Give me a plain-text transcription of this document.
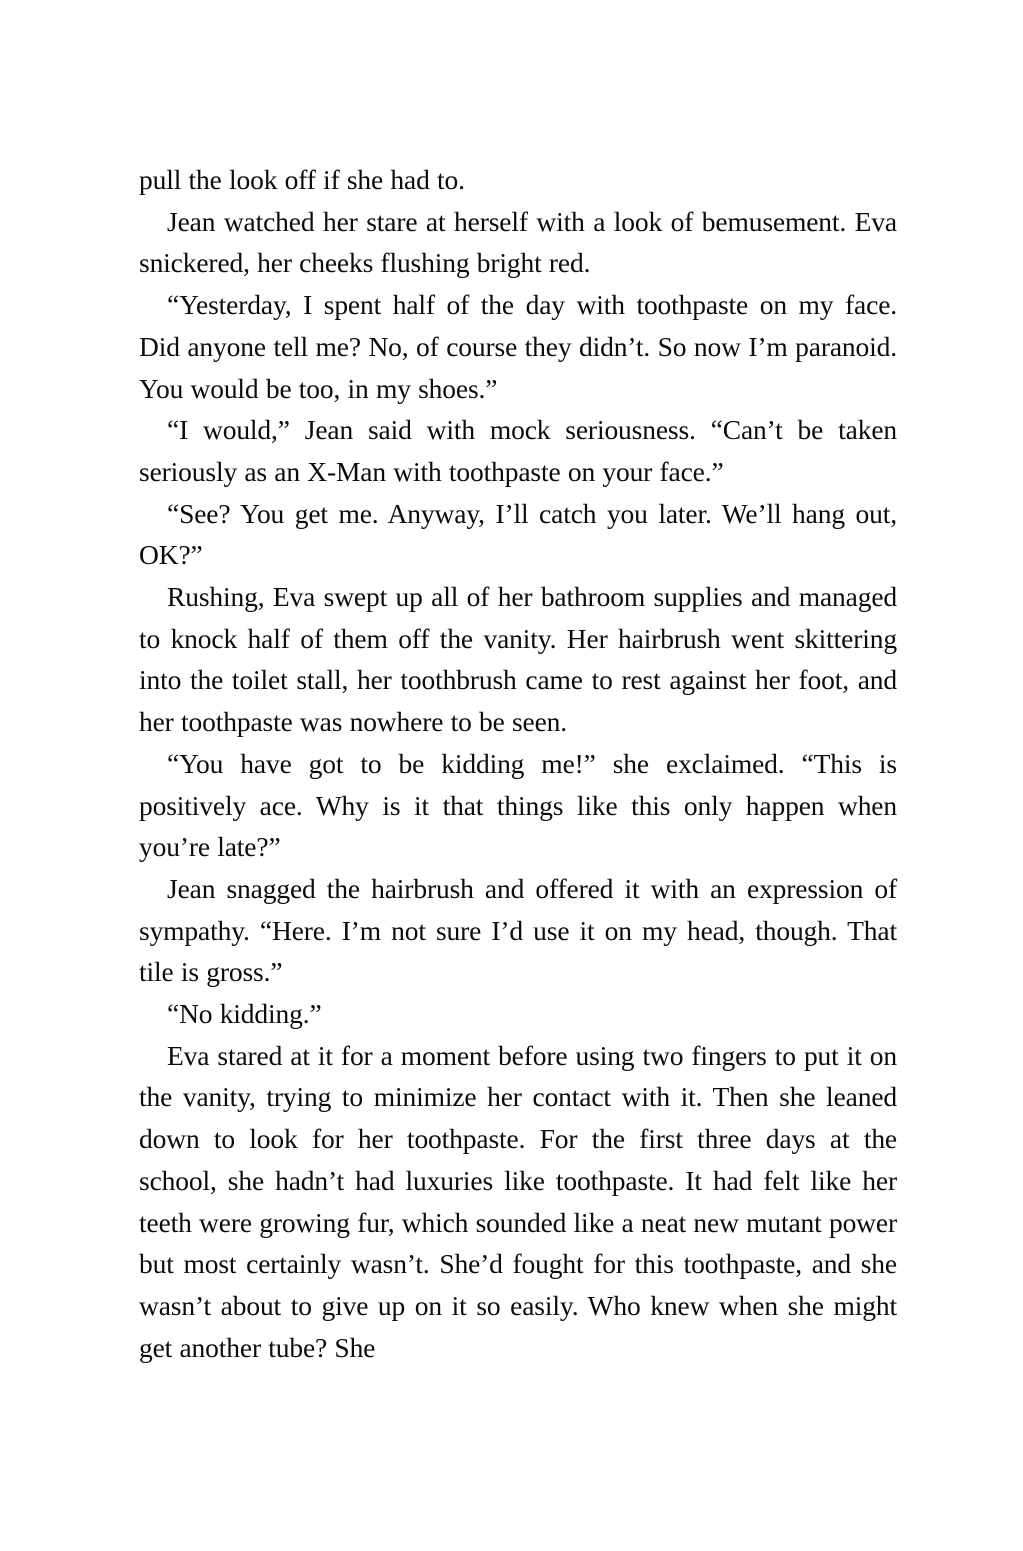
pull the look off if she had to.

Jean watched her stare at herself with a look of bemusement. Eva snickered, her cheeks flushing bright red.

“Yesterday, I spent half of the day with toothpaste on my face. Did anyone tell me? No, of course they didn’t. So now I’m paranoid. You would be too, in my shoes.”

“I would,” Jean said with mock seriousness. “Can’t be taken seriously as an X-Man with toothpaste on your face.”

“See? You get me. Anyway, I’ll catch you later. We’ll hang out, OK?”

Rushing, Eva swept up all of her bathroom supplies and managed to knock half of them off the vanity. Her hairbrush went skittering into the toilet stall, her toothbrush came to rest against her foot, and her toothpaste was nowhere to be seen.

“You have got to be kidding me!” she exclaimed. “This is positively ace. Why is it that things like this only happen when you’re late?”

Jean snagged the hairbrush and offered it with an expression of sympathy. “Here. I’m not sure I’d use it on my head, though. That tile is gross.”

“No kidding.”

Eva stared at it for a moment before using two fingers to put it on the vanity, trying to minimize her contact with it. Then she leaned down to look for her toothpaste. For the first three days at the school, she hadn’t had luxuries like toothpaste. It had felt like her teeth were growing fur, which sounded like a neat new mutant power but most certainly wasn’t. She’d fought for this toothpaste, and she wasn’t about to give up on it so easily. Who knew when she might get another tube? She
